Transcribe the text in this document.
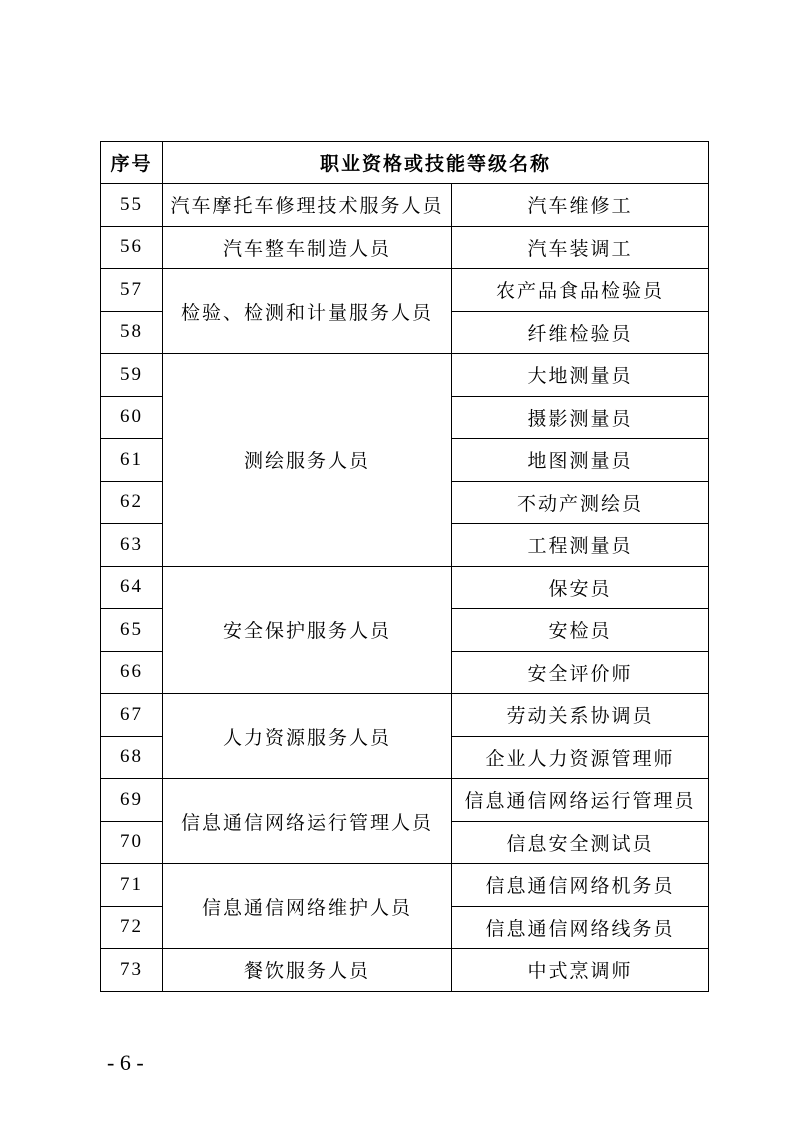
序号	职业资格或技能等级名称	
55	汽车摩托车修理技术服务人员	汽车维修工
56	汽车整车制造人员	汽车装调工
57	检验、检测和计量服务人员	农产品食品检验员
58		纤维检验员
59	测绘服务人员	大地测量员
60		摄影测量员
61		地图测量员
62		不动产测绘员
63		工程测量员
64	安全保护服务人员	保安员
65		安检员
66		安全评价师
67	人力资源服务人员	劳动关系协调员
68		企业人力资源管理师
69	信息通信网络运行管理人员	信息通信网络运行管理员
70		信息安全测试员
71	信息通信网络维护人员	信息通信网络机务员
72		信息通信网络线务员
73	餐饮服务人员	中式烹调师
- 6 -
